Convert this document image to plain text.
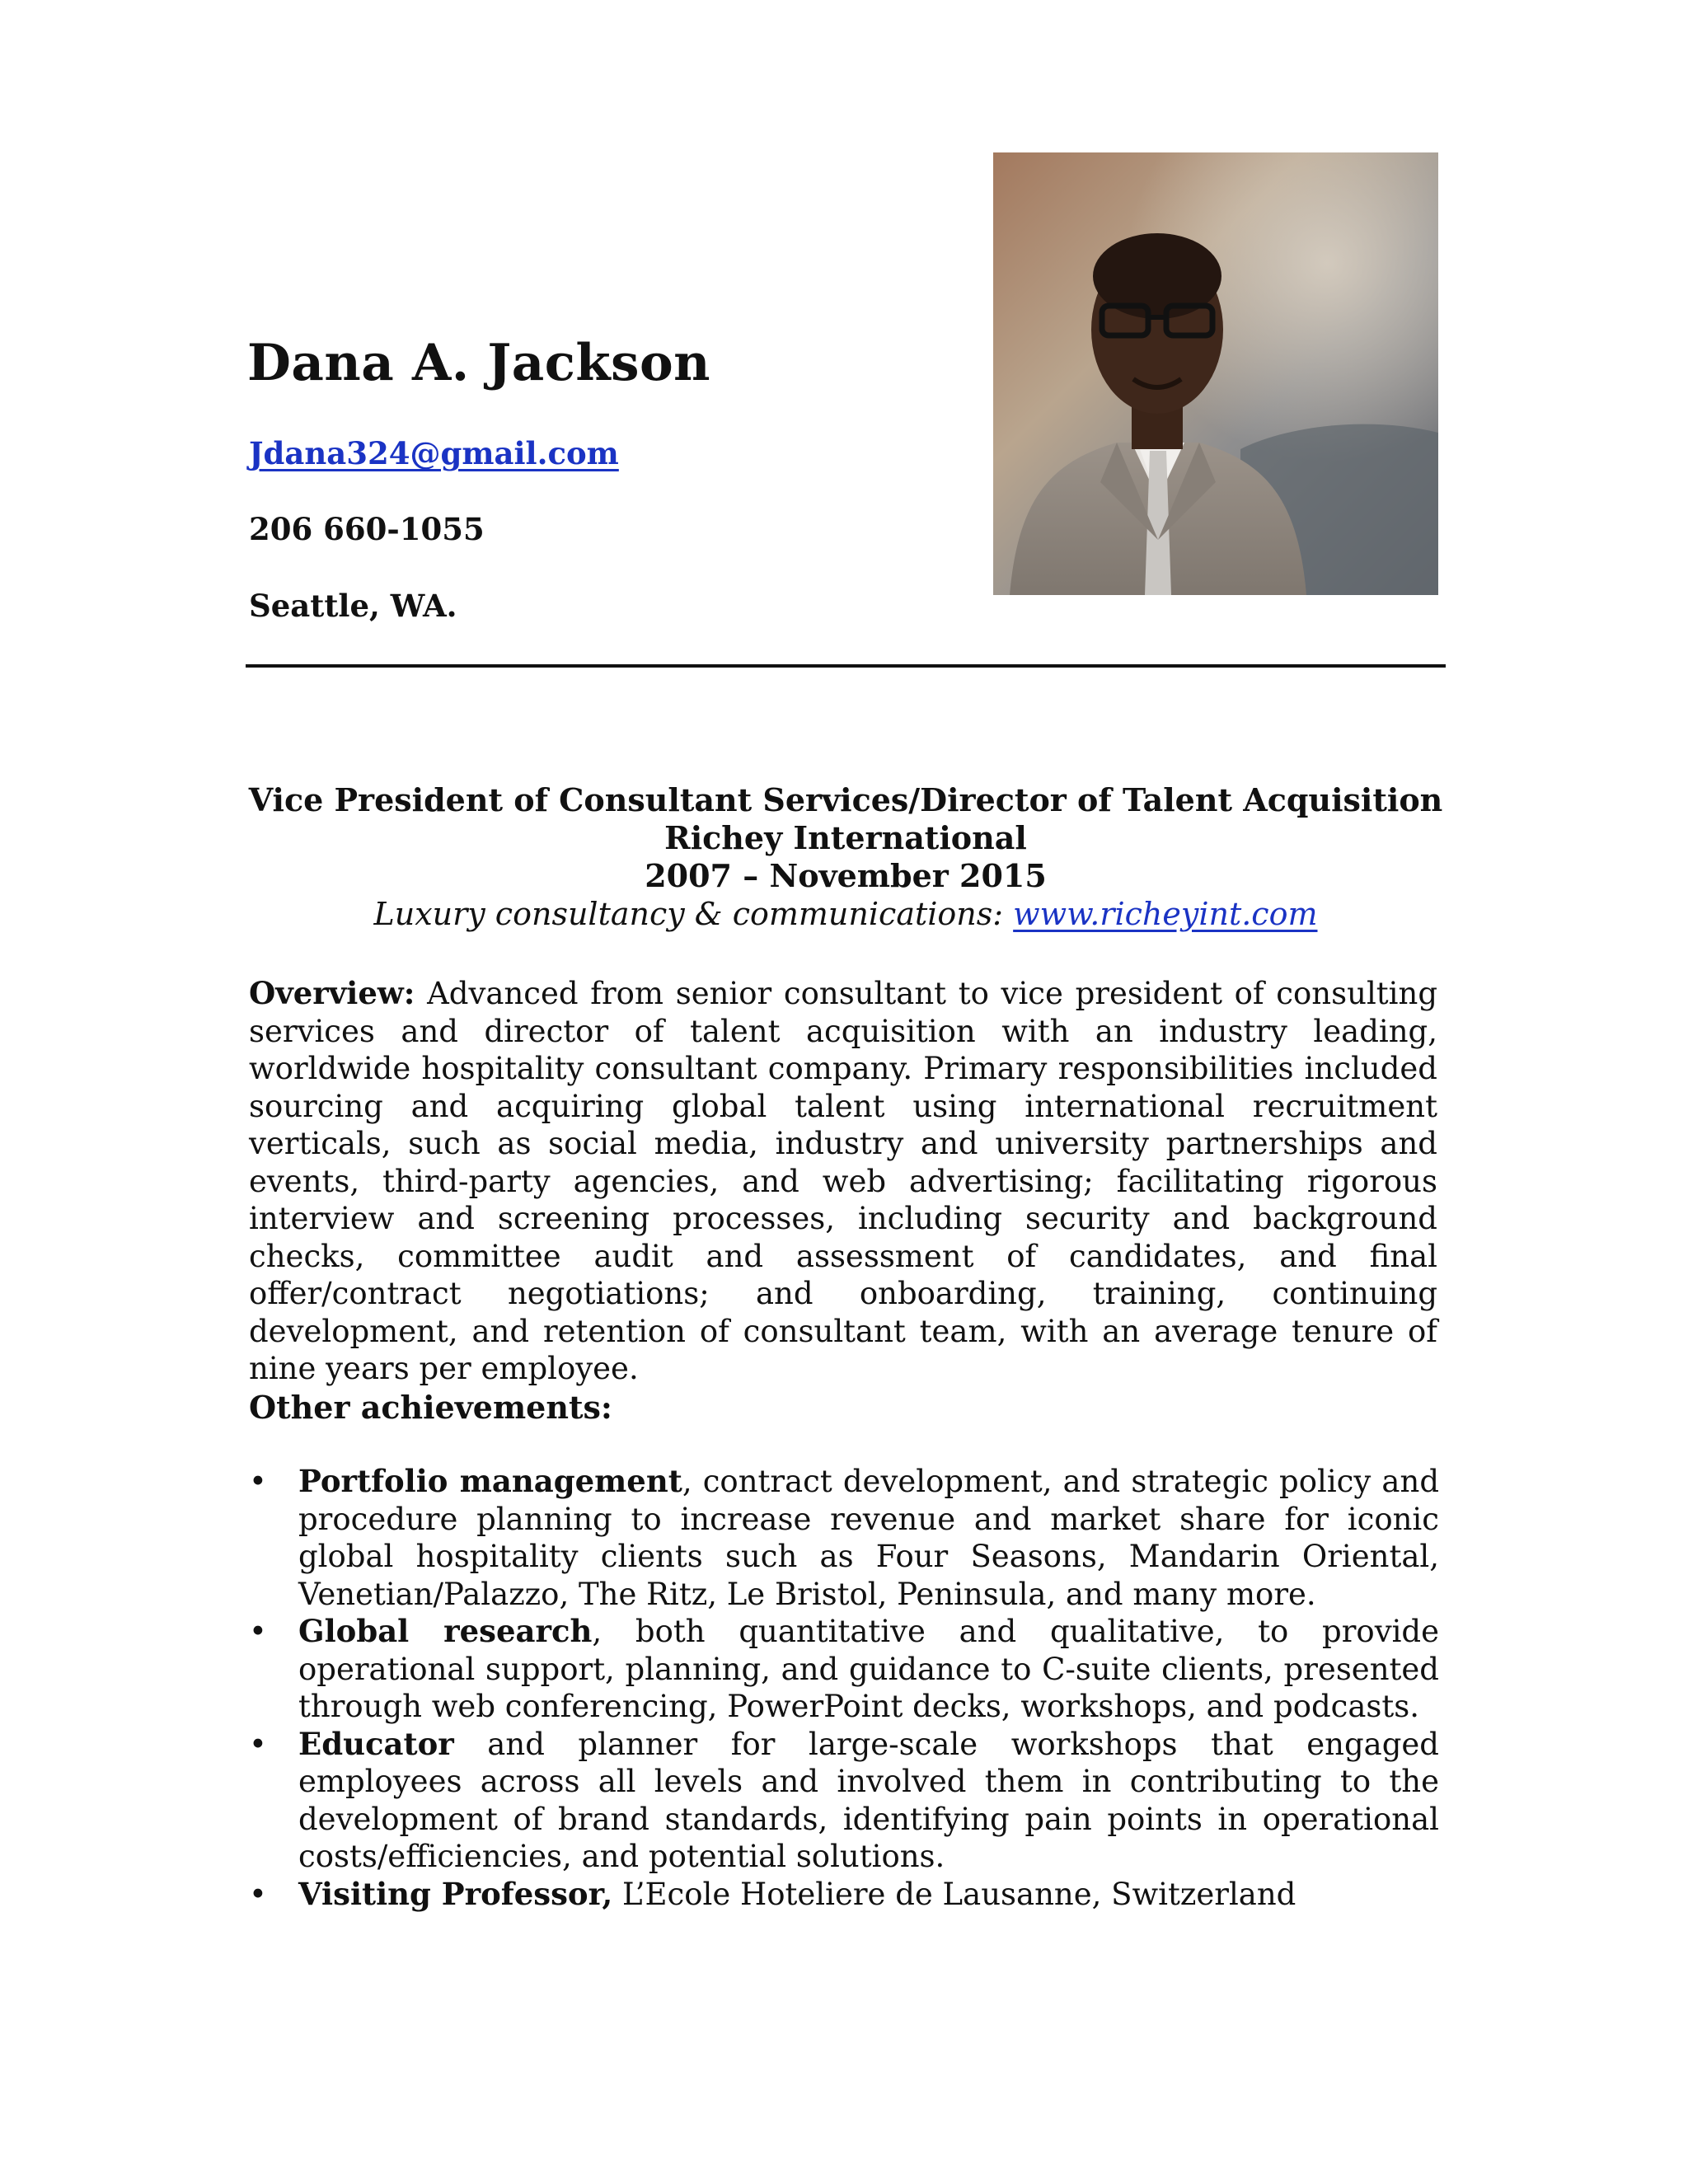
Dana A. Jackson

Jdana324@gmail.com

206 660-1055

Seattle, WA.

Vice President of Consultant Services/Director of Talent Acquisition

Richey International

2007 – November 2015

Luxury consultancy & communications: www.richeyint.com

Overview: Advanced from senior consultant to vice president of consulting services and director of talent acquisition with an industry leading, worldwide hospitality consultant company. Primary responsibilities included sourcing and acquiring global talent using international recruitment verticals, such as social media, industry and university partnerships and events, third-party agencies, and web advertising; facilitating rigorous interview and screening processes, including security and background checks, committee audit and assessment of candidates, and final offer/contract negotiations; and onboarding, training, continuing development, and retention of consultant team, with an average tenure of nine years per employee.

Other achievements:
• Portfolio management, contract development, and strategic policy and procedure planning to increase revenue and market share for iconic global hospitality clients such as Four Seasons, Mandarin Oriental, Venetian/Palazzo, The Ritz, Le Bristol, Peninsula, and many more.
• Global research, both quantitative and qualitative, to provide operational support, planning, and guidance to C-suite clients, presented through web conferencing, PowerPoint decks, workshops, and podcasts.
• Educator and planner for large-scale workshops that engaged employees across all levels and involved them in contributing to the development of brand standards, identifying pain points in operational costs/efficiencies, and potential solutions.
• Visiting Professor, L’Ecole Hoteliere de Lausanne, Switzerland
